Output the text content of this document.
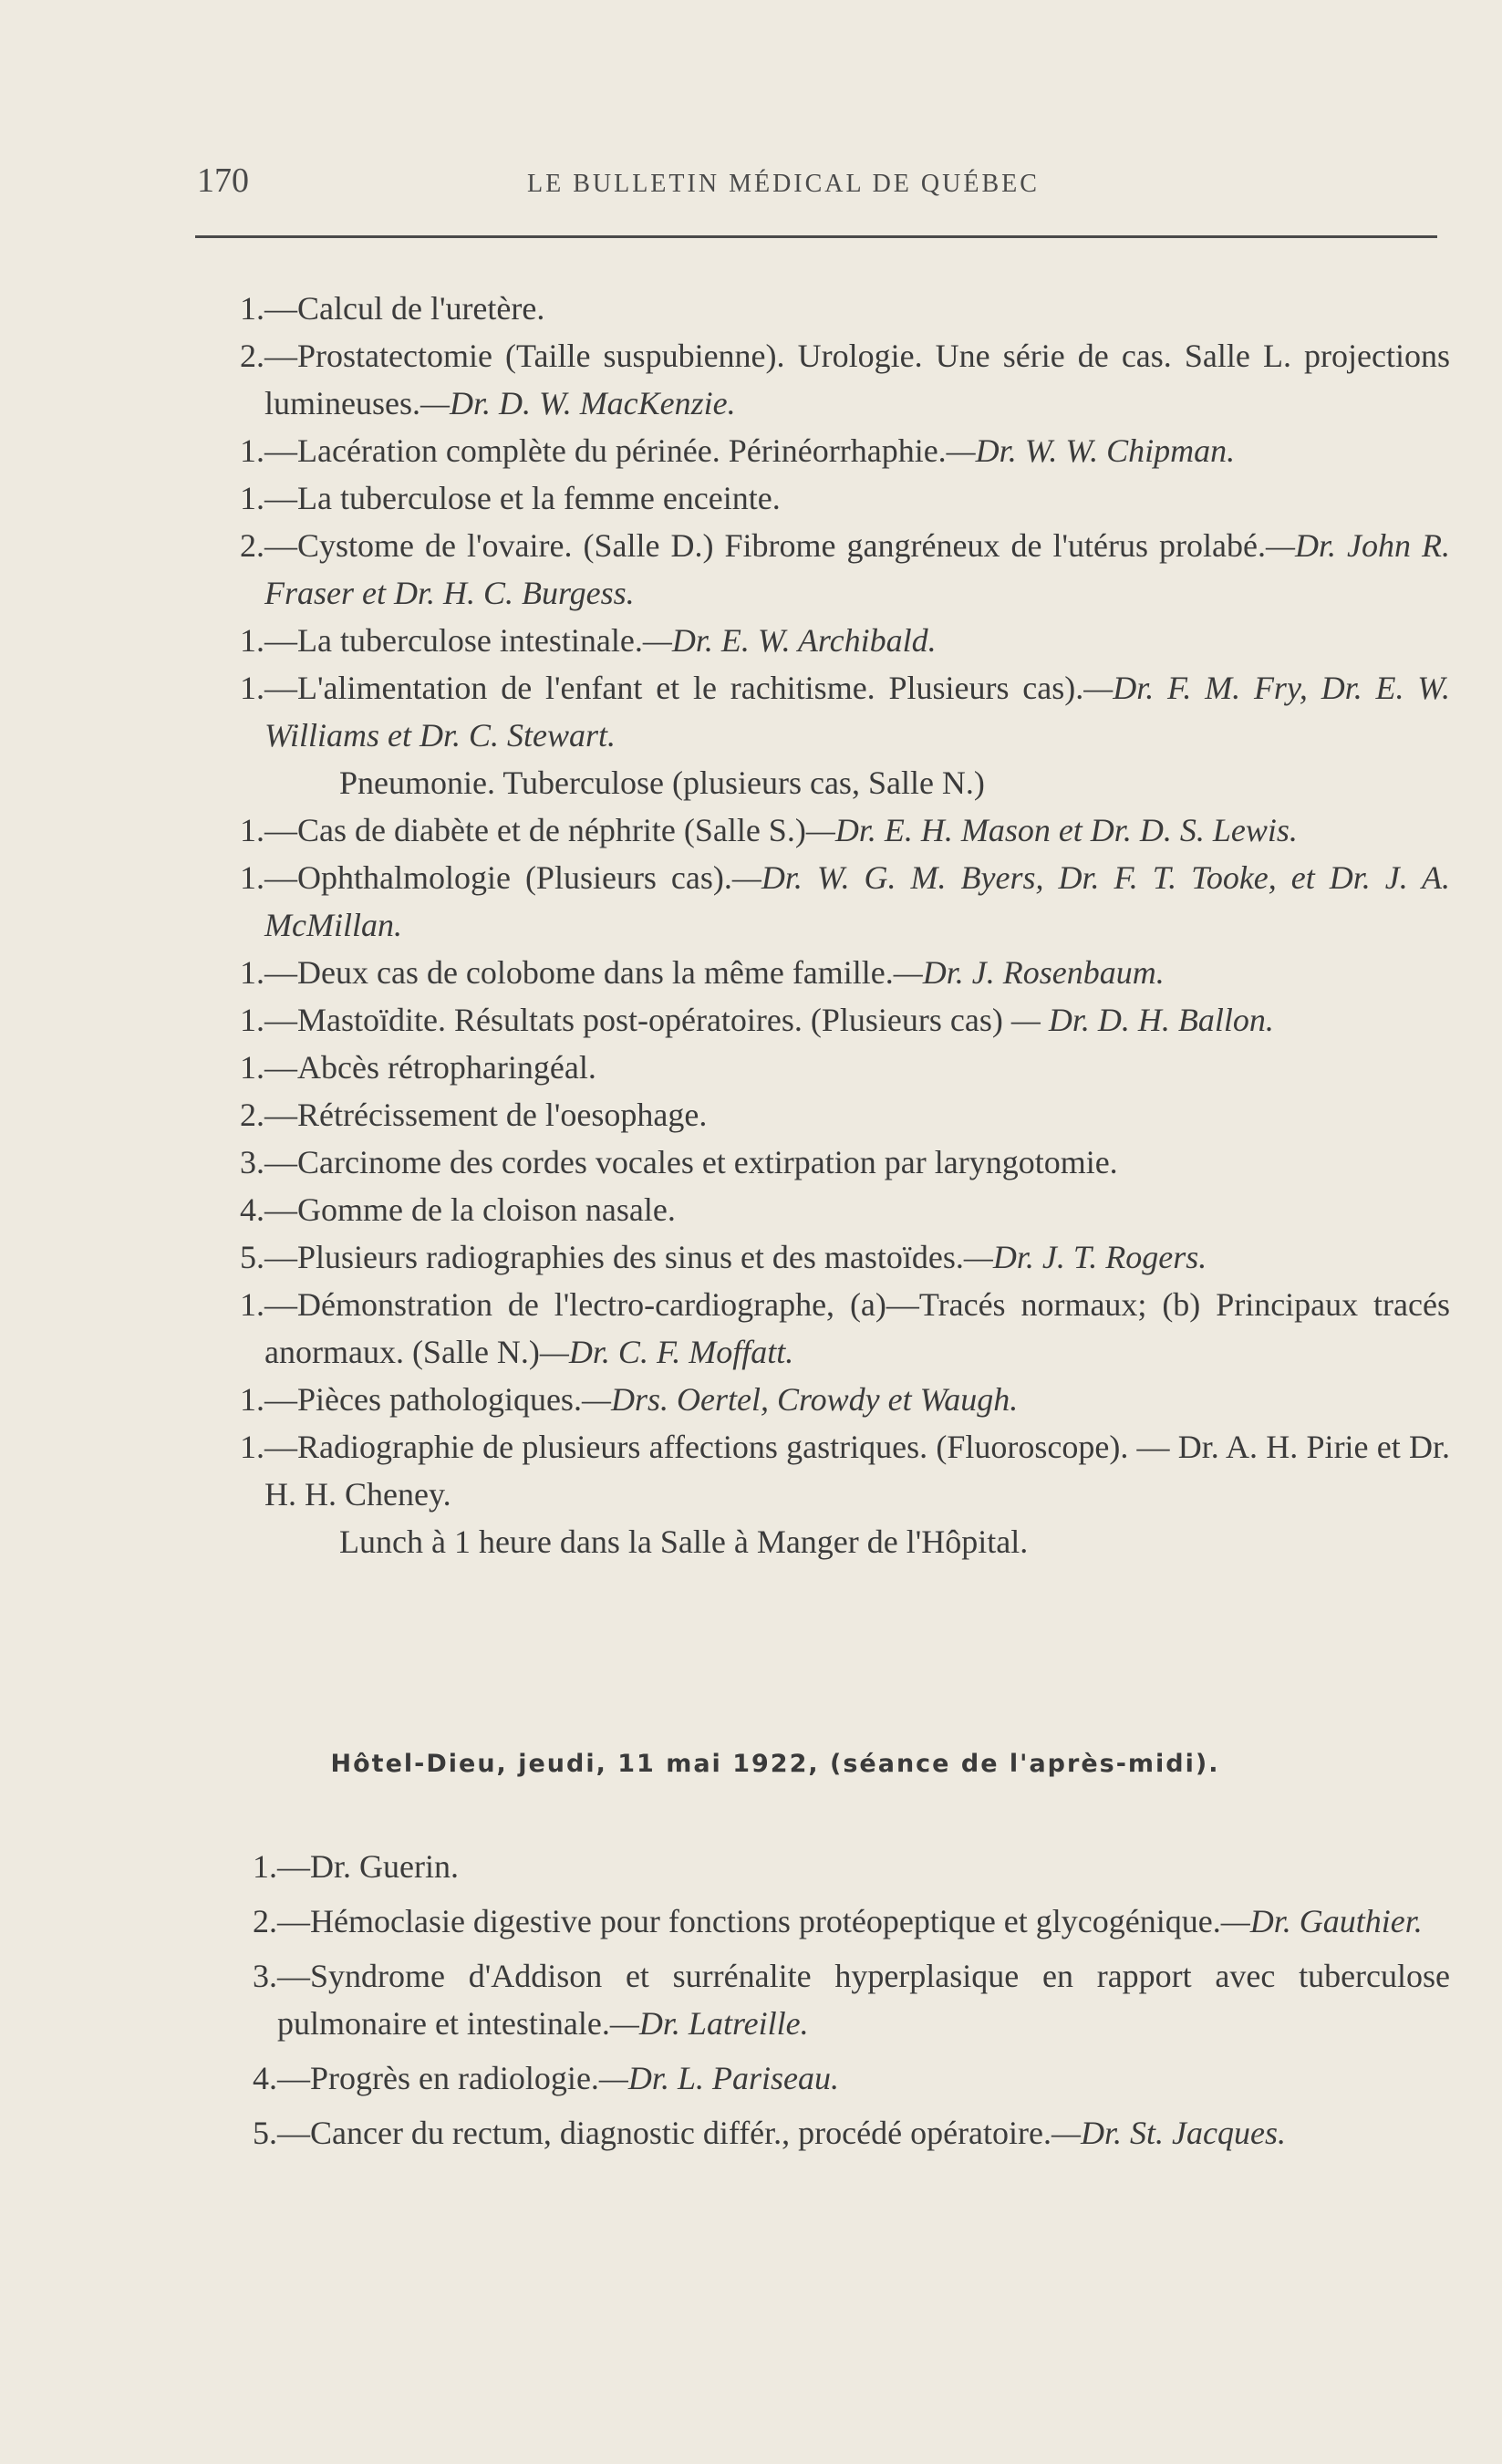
170	LE BULLETIN MÉDICAL DE QUÉBEC
1. —Calcul de l'uretère.
2. —Prostatectomie (Taille suspubienne). Urologie. Une série de cas. Salle L. projections lumineuses.—Dr. D. W. MacKenzie.
1. —Lacération complète du périnée. Périnéorrhaphie.—Dr. W. W. Chipman.
1. —La tuberculose et la femme enceinte.
2. —Cystome de l'ovaire. (Salle D.) Fibrome gangréneux de l'utérus prolabé.—Dr. John R. Fraser et Dr. H. C. Burgess.
1. —La tuberculose intestinale.—Dr. E. W. Archibald.
1. —L'alimentation de l'enfant et le rachitisme. Plusieurs cas).—Dr. F. M. Fry, Dr. E. W. Williams et Dr. C. Stewart.
Pneumonie. Tuberculose (plusieurs cas, Salle N.)
1. —Cas de diabète et de néphrite (Salle S.)—Dr. E. H. Mason et Dr. D. S. Lewis.
1. —Ophthalmologie (Plusieurs cas).—Dr. W. G. M. Byers, Dr. F. T. Tooke, et Dr. J. A. McMillan.
1. —Deux cas de colobome dans la même famille.—Dr. J. Rosenbaum.
1. —Mastoïdite. Résultats post-opératoires. (Plusieurs cas) — Dr. D. H. Ballon.
1. —Abcès rétropharingéal.
2. —Rétrécissement de l'oesophage.
3. —Carcinome des cordes vocales et extirpation par laryngotomie.
4. —Gomme de la cloison nasale.
5. —Plusieurs radiographies des sinus et des mastoïdes.—Dr. J. T. Rogers.
1. —Démonstration de l'lectro-cardiographe, (a)—Tracés normaux; (b) Principaux tracés anormaux. (Salle N.)—Dr. C. F. Moffatt.
1. —Pièces pathologiques.—Drs. Oertel, Crowdy et Waugh.
1. —Radiographie de plusieurs affections gastriques. (Fluoroscope). — Dr. A. H. Pirie et Dr. H. H. Cheney.
Lunch à 1 heure dans la Salle à Manger de l'Hôpital.
Hôtel-Dieu, jeudi, 11 mai 1922, (séance de l'après-midi).
1. —Dr. Guerin.
2. —Hémoclasie digestive pour fonctions protéopeptique et glycogénique.—Dr. Gauthier.
3. —Syndrome d'Addison et surrénalite hyperplasique en rapport avec tuberculose pulmonaire et intestinale.—Dr. Latreille.
4. —Progrès en radiologie.—Dr. L. Pariseau.
5. —Cancer du rectum, diagnostic différ., procédé opératoire.—Dr. St. Jacques.
